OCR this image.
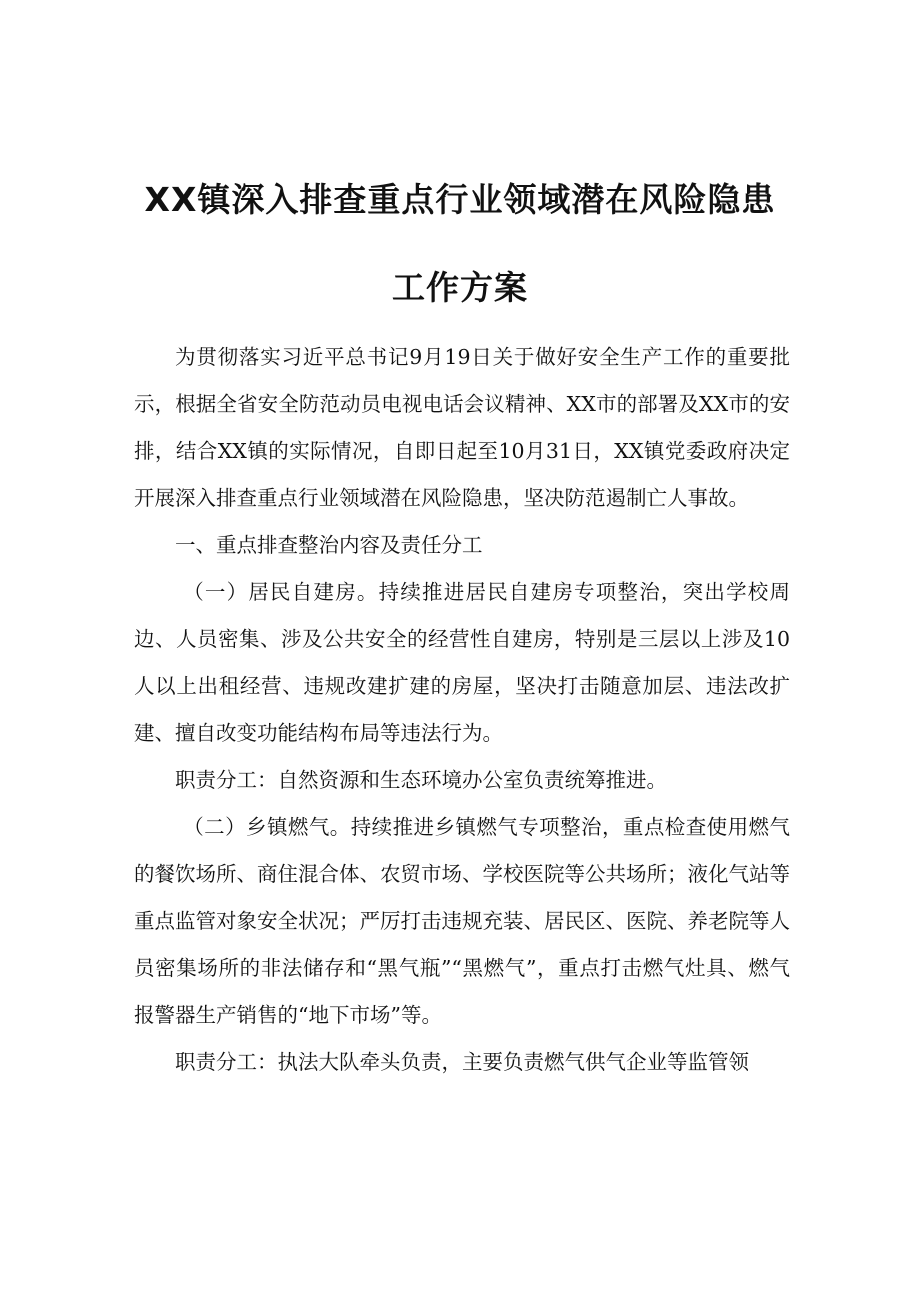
XX镇深入排查重点行业领域潜在风险隐患
工作方案

为贯彻落实习近平总书记9月19日关于做好安全生产工作的重要批示，根据全省安全防范动员电视电话会议精神、XX市的部署及XX市的安排，结合XX镇的实际情况，自即日起至10月31日，XX镇党委政府决定开展深入排查重点行业领域潜在风险隐患，坚决防范遏制亡人事故。

一、重点排查整治内容及责任分工

（一）居民自建房。持续推进居民自建房专项整治，突出学校周边、人员密集、涉及公共安全的经营性自建房，特别是三层以上涉及10人以上出租经营、违规改建扩建的房屋，坚决打击随意加层、违法改扩建、擅自改变功能结构布局等违法行为。

职责分工：自然资源和生态环境办公室负责统筹推进。

（二）乡镇燃气。持续推进乡镇燃气专项整治，重点检查使用燃气的餐饮场所、商住混合体、农贸市场、学校医院等公共场所；液化气站等重点监管对象安全状况；严厉打击违规充装、居民区、医院、养老院等人员密集场所的非法储存和“黑气瓶”“黑燃气”，重点打击燃气灶具、燃气报警器生产销售的“地下市场”等。

职责分工：执法大队牵头负责，主要负责燃气供气企业等监管领
